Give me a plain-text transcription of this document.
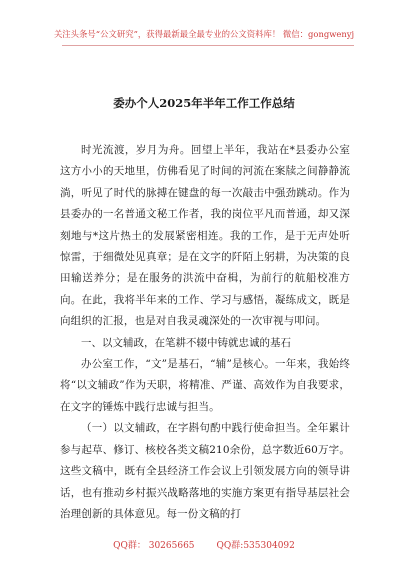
关注头条号“公文研究”，获得最新最全最专业的公文资料库！ 微信：gongwenyj
委办个人2025年半年工作工作总结

时光流渡，岁月为舟。回望上半年，我站在*县委办公室这方小小的天地里，仿佛看见了时间的河流在案牍之间静静流淌，听见了时代的脉搏在键盘的每一次敲击中强劲跳动。作为县委办的一名普通文秘工作者，我的岗位平凡而普通，却又深刻地与*这片热土的发展紧密相连。我的工作，是于无声处听惊雷，于细微处见真章；是在文字的阡陌上躬耕，为决策的良田输送养分；是在服务的洪流中奋楫，为前行的航船校准方向。在此，我将半年来的工作、学习与感悟，凝练成文，既是向组织的汇报，也是对自我灵魂深处的一次审视与叩问。

一、以文辅政，在笔耕不辍中铸就忠诚的基石

办公室工作，“文”是基石，“辅”是核心。一年来，我始终将“以文辅政”作为天职，将精准、严谨、高效作为自我要求，在文字的锤炼中践行忠诚与担当。

（一）以文辅政，在字斟句酌中践行使命担当。全年累计参与起草、修订、核校各类文稿210余份，总字数近60万字。这些文稿中，既有全县经济工作会议上引领发展方向的领导讲话，也有推动乡村振兴战略落地的实施方案更有指导基层社会治理创新的具体意见。每一份文稿的打

QQ群： 30265665 QQ群:535304092
